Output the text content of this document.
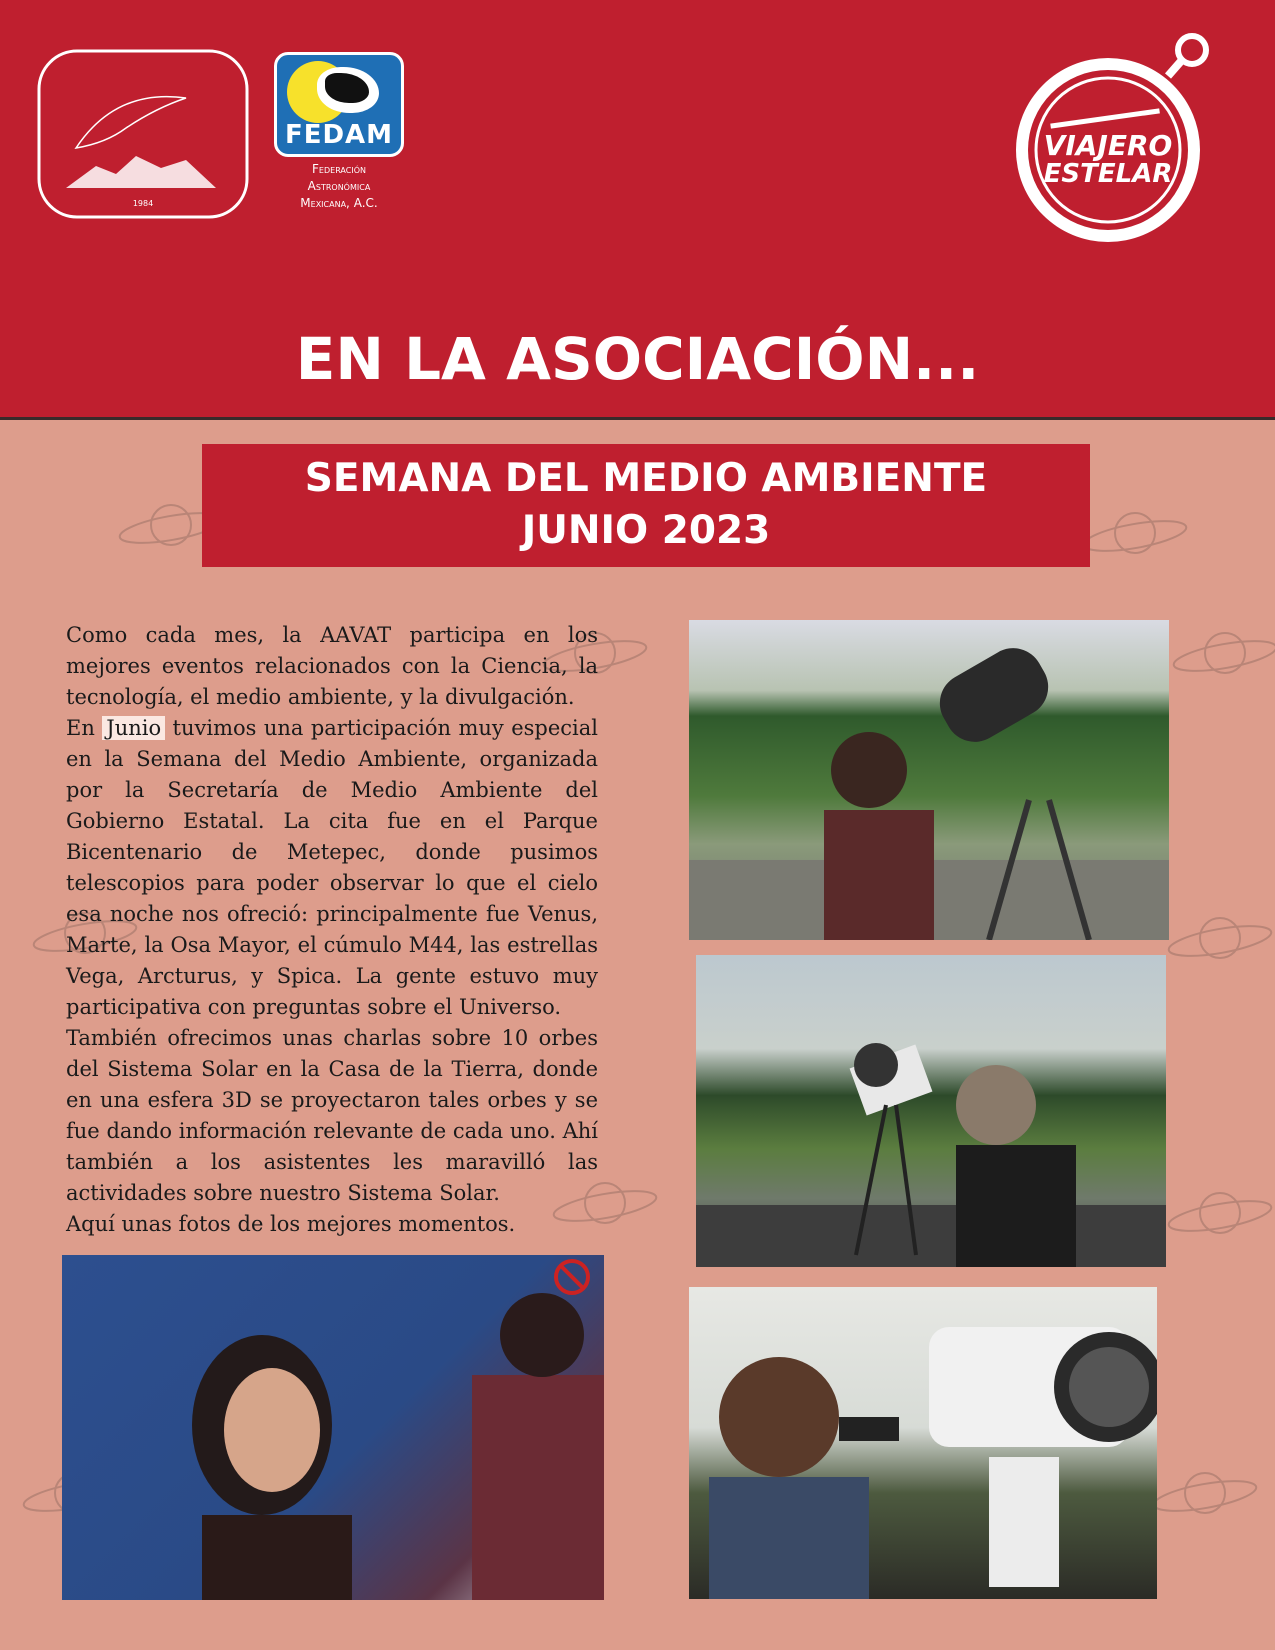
1984
FEDAM
Federación
Astronómica
Mexicana, A.C.
VIAJERO
ESTELAR
EN LA ASOCIACIÓN...
SEMANA DEL MEDIO AMBIENTE
JUNIO 2023

Como cada mes, la AAVAT participa en los mejores eventos relacionados con la Ciencia, la tecnología, el medio ambiente, y la divulgación.

En Junio tuvimos una participación muy especial en la Semana del Medio Ambiente, organizada por la Secretaría de Medio Ambiente del Gobierno Estatal. La cita fue en el Parque Bicentenario de Metepec, donde pusimos telescopios para poder observar lo que el cielo esa noche nos ofreció: principalmente fue Venus, Marte, la Osa Mayor, el cúmulo M44, las estrellas Vega, Arcturus, y Spica. La gente estuvo muy participativa con preguntas sobre el Universo.

También ofrecimos unas charlas sobre 10 orbes del Sistema Solar en la Casa de la Tierra, donde en una esfera 3D se proyectaron tales orbes y se fue dando información relevante de cada uno. Ahí también a los asistentes les maravilló las actividades sobre nuestro Sistema Solar.

Aquí unas fotos de los mejores momentos.
